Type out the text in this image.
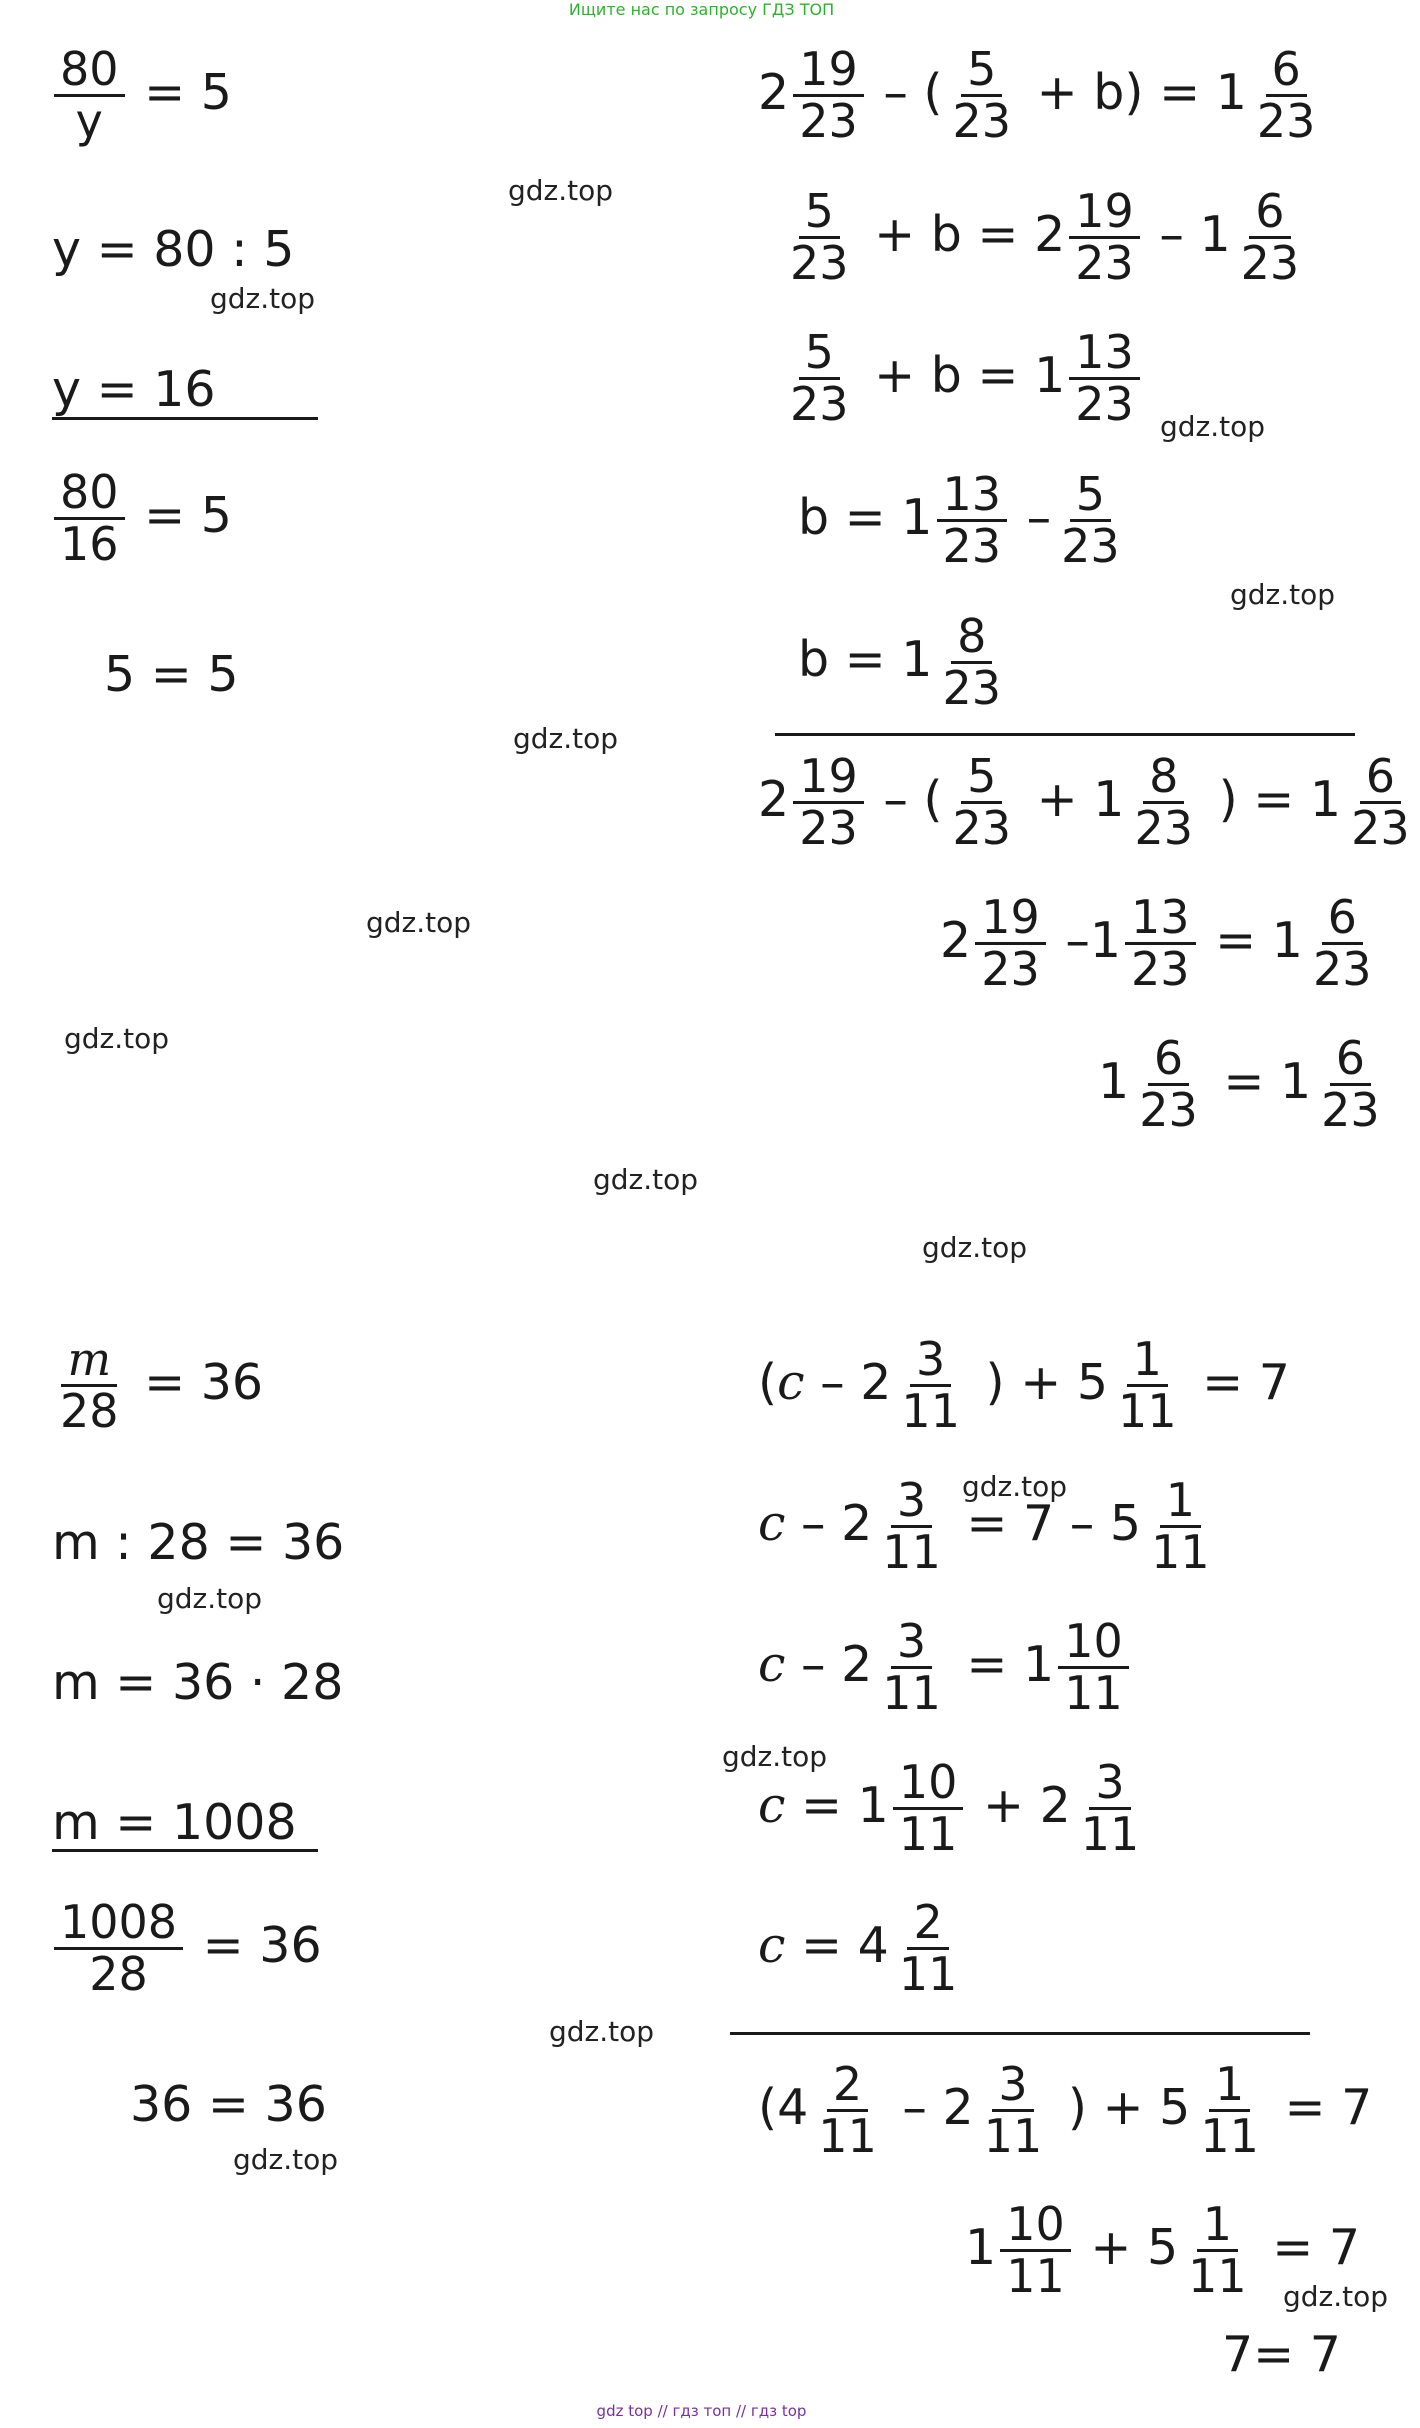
Ищите нас по запросу ГДЗ ТОП
$\frac{80}{y} = 5$
y = 80 : 5
y = 16
$\frac{80}{16} = 5$
5 = 5
$2 \frac{19}{23}$ – ( $\frac{5}{23} + b) = 1 \frac{6}{23}$
$\frac{5}{23} + b = 2 \frac{19}{23} - 1 \frac{6}{23}$
$\frac{5}{23} + b = 1 \frac{13}{23}$
$b = 1 \frac{13}{23} - \frac{5}{23}$
$b = 1 \frac{8}{23}$
$2 \frac{19}{23}$ – ( $\frac{5}{23} + 1 \frac{8}{23}$ ) = $1 \frac{6}{23}$
$2 \frac{19}{23} -1 \frac{13}{23} = 1 \frac{6}{23}$
$1 \frac{6}{23} = 1 \frac{6}{23}$
$\frac{m}{28} = 36$
m : 28 = 36
m = 36 · 28
m = 1008
$\frac{1008}{28} = 36$
36 = 36
($c - 2 \frac{3}{11}$ ) + $5 \frac{1}{11} = 7$
$c - 2 \frac{3}{11} = 7 - 5 \frac{1}{11}$
$c - 2 \frac{3}{11} = 1 \frac{10}{11}$
$c = 1 \frac{10}{11} + 2 \frac{3}{11}$
$c = 4 \frac{2}{11}$
($4 \frac{2}{11} - 2 \frac{3}{11}$ ) + $5 \frac{1}{11} = 7$
$1 \frac{10}{11} + 5 \frac{1}{11} = 7$
7= 7
gdz.top
gdz.top
gdz.top
gdz.top
gdz.top
gdz.top
gdz.top
gdz.top
gdz.top
gdz.top
gdz.top
gdz.top
gdz.top
gdz.top
gdz.top
gdz top // гдз топ // гдз top
